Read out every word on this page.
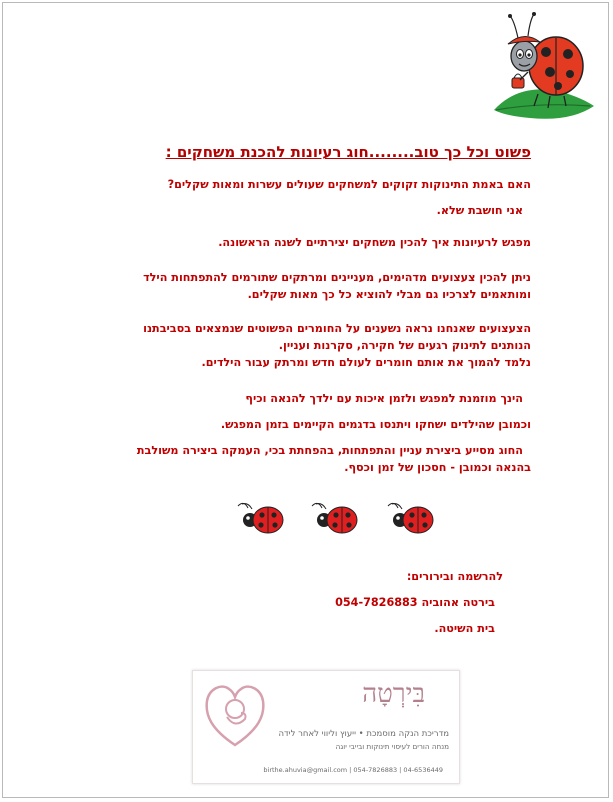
פשוט וכל כך טוב........חוג רעיונות להכנת משחקים :

האם באמת התינוקות זקוקים למשחקים שעולים עשרות ומאות שקלים?

אני חושבת שלא.

מפגש לרעיונות איך להכין משחקים יצירתיים לשנה הראשונה.

ניתן להכין צעצועים מדהימים, מעניינים ומרתקים שתורמים להתפתחות הילד

ומותאמים לצרכיו גם מבלי להוציא כל כך מאות שקלים.

הצעצועים שאנחנו נראה נשענים על החומרים הפשוטים שנמצאים בסביבתנו

הנותנים לתינוק רגעים של חקירה, סקרנות ועניין.

נלמד להמוך את אותם חומרים לעולם חדש ומרתק עבור הילדים.

הינך מוזמנת למפגש ולזמן איכות עם ילדך להנאה וכיף

וכמובן שהילדים ישחקו ויתנסו בדגמים הקיימים בזמן המפגש.

החוג מסייע ביצירת עניין והתפתחות, בהפחתת בכי, העמקה ביצירה משולבת

בהנאה וכמובן - חסכון של זמן וכסף.

להרשמה ובירורים:

בירטה אהוביה 054-7826883

בית השיטה.

בִּירְטָה
מדריכת הנקה מוסמכת • ייעוץ וליווי לאחר לידה
מנחה הורים לעיסוי תינוקות ובייבי יוגה
birthe.ahuvia@gmail.com | 054-7826883 | 04-6536449
